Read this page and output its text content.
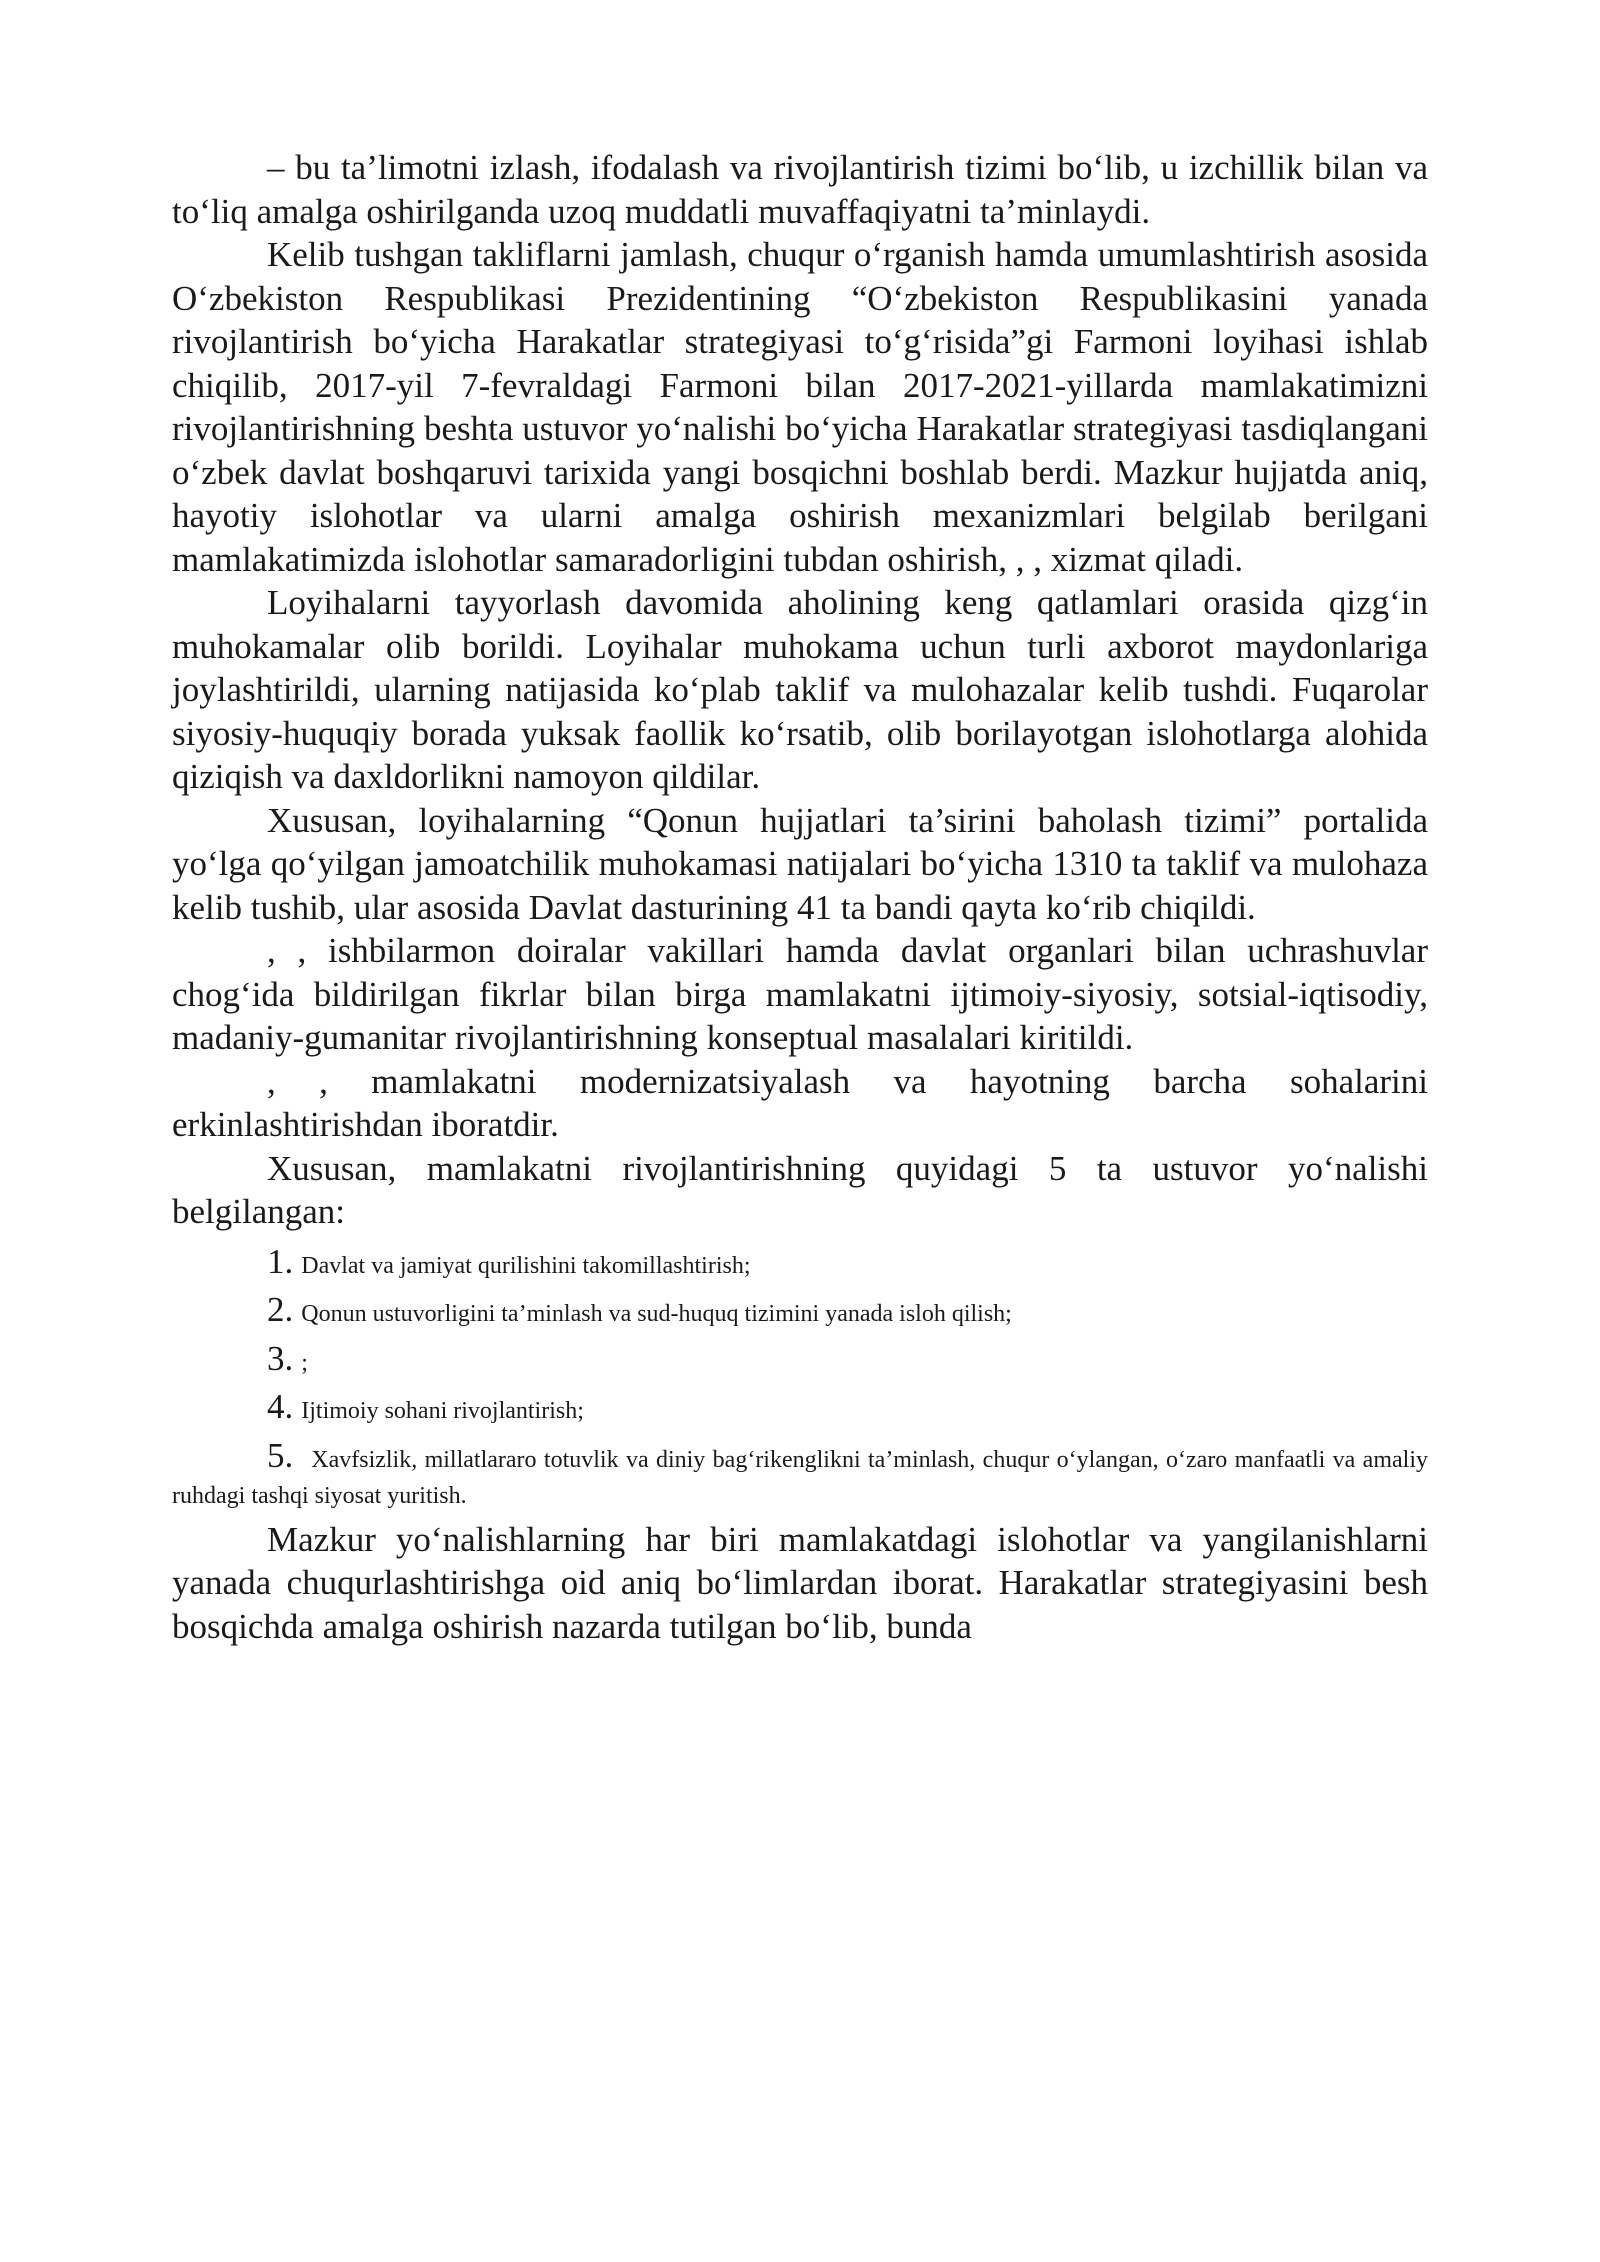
– bu ta’limotni izlash, ifodalash va rivojlantirish tizimi bo‘lib, u izchillik bilan va to‘liq amalga oshirilganda uzoq muddatli muvaffaqiyatni ta’minlaydi.

Kelib tushgan takliflarni jamlash, chuqur o‘rganish hamda umumlashtirish asosida O‘zbekiston Respublikasi Prezidentining “O‘zbekiston Respublikasini yanada rivojlantirish bo‘yicha Harakatlar strategiyasi to‘g‘risida”gi Farmoni loyihasi ishlab chiqilib, 2017-yil 7-fevraldagi Farmoni bilan 2017-2021-yillarda mamlakatimizni rivojlantirishning beshta ustuvor yo‘nalishi bo‘yicha Harakatlar strategiyasi tasdiqlangani o‘zbek davlat boshqaruvi tarixida yangi bosqichni boshlab berdi. Mazkur hujjatda aniq, hayotiy islohotlar va ularni amalga oshirish mexanizmlari belgilab berilgani mamlakatimizda islohotlar samaradorligini tubdan oshirish, , , xizmat qiladi.

Loyihalarni tayyorlash davomida aholining keng qatlamlari orasida qizg‘in muhokamalar olib borildi. Loyihalar muhokama uchun turli axborot maydonlariga joylashtirildi, ularning natijasida ko‘plab taklif va mulohazalar kelib tushdi. Fuqarolar siyosiy-huquqiy borada yuksak faollik ko‘rsatib, olib borilayotgan islohotlarga alohida qiziqish va daxldorlikni namoyon qildilar.

Xususan, loyihalarning “Qonun hujjatlari ta’sirini baholash tizimi” portalida yo‘lga qo‘yilgan jamoatchilik muhokamasi natijalari bo‘yicha 1310 ta taklif va mulohaza kelib tushib, ular asosida Davlat dasturining 41 ta bandi qayta ko‘rib chiqildi.

, , ishbilarmon doiralar vakillari hamda davlat organlari bilan uchrashuvlar chog‘ida bildirilgan fikrlar bilan birga mamlakatni ijtimoiy-siyosiy, sotsial-iqtisodiy, madaniy-gumanitar rivojlantirishning konseptual masalalari kiritildi.

, , mamlakatni modernizatsiyalash va hayotning barcha sohalarini erkinlashtirishdan iboratdir.

Xususan, mamlakatni rivojlantirishning quyidagi 5 ta ustuvor yo‘nalishi belgilangan:

1. Davlat va jamiyat qurilishini takomillashtirish;
2. Qonun ustuvorligini ta’minlash va sud-huquq tizimini yanada isloh qilish;
3. ;
4. Ijtimoiy sohani rivojlantirish;
5. Xavfsizlik, millatlararo totuvlik va diniy bag‘rikenglikni ta’minlash, chuqur o‘ylangan, o‘zaro manfaatli va amaliy ruhdagi tashqi siyosat yuritish.

Mazkur yo‘nalishlarning har biri mamlakatdagi islohotlar va yangilanishlarni yanada chuqurlashtirishga oid aniq bo‘limlardan iborat. Harakatlar strategiyasini besh bosqichda amalga oshirish nazarda tutilgan bo‘lib, bunda
